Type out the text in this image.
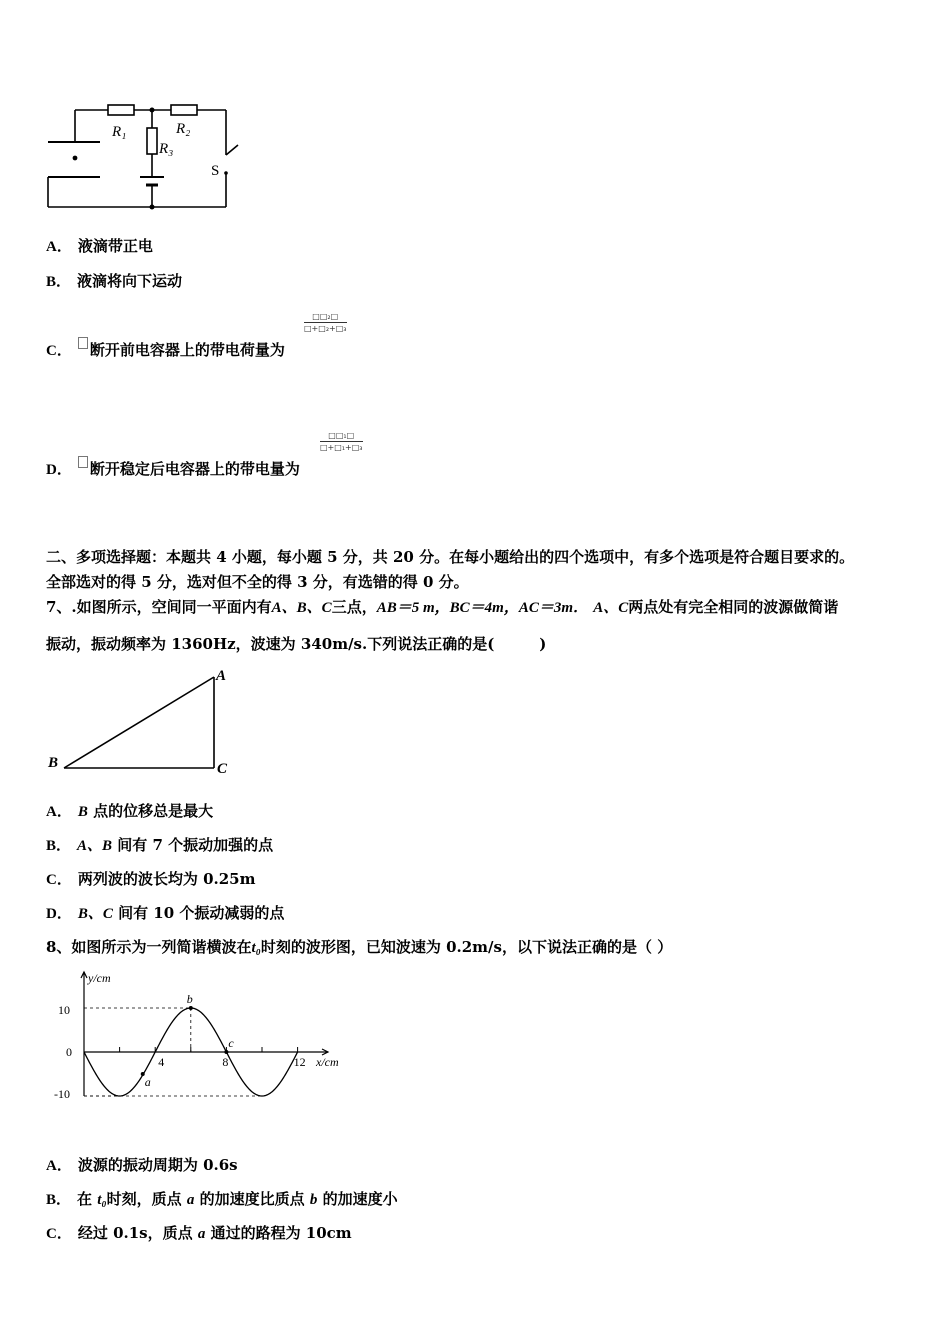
R₁	R₂
R₃
S
A． 液滴带正电
B． 液滴将向下运动
C． 断开前电容器上的带电荷量为
□□₂□
□+□₂+□₃
D． 断开稳定后电容器上的带电量为
□□₁□
□+□₁+□₃
二、多项选择题：本题共 4 小题，每小题 5 分，共 20 分。在每小题给出的四个选项中，有多个选项是符合题目要求的。
全部选对的得 5 分，选对但不全的得 3 分，有选错的得 0 分。
7、.如图所示，空间同一平面内有A、B、C三点，AB＝5 m，BC＝4m，AC＝3m． A、C两点处有完全相同的波源做简谐
振动，振动频率为 1360Hz，波速为 340m/s.下列说法正确的是(　　　)
A
B	C
A． B 点的位移总是最大
B． A、B 间有 7 个振动加强的点
C． 两列波的波长均为 0.25m
D． B、C 间有 10 个振动减弱的点
8、如图所示为一列简谐横波在t₀时刻的波形图，已知波速为 0.2m/s，以下说法正确的是（ ）
y/cm
x/cm
10
0
-10
4	8	12
a
b
c
A． 波源的振动周期为 0.6s
B． 在 t₀时刻，质点 a 的加速度比质点 b 的加速度小
C． 经过 0.1s，质点 a 通过的路程为 10cm
